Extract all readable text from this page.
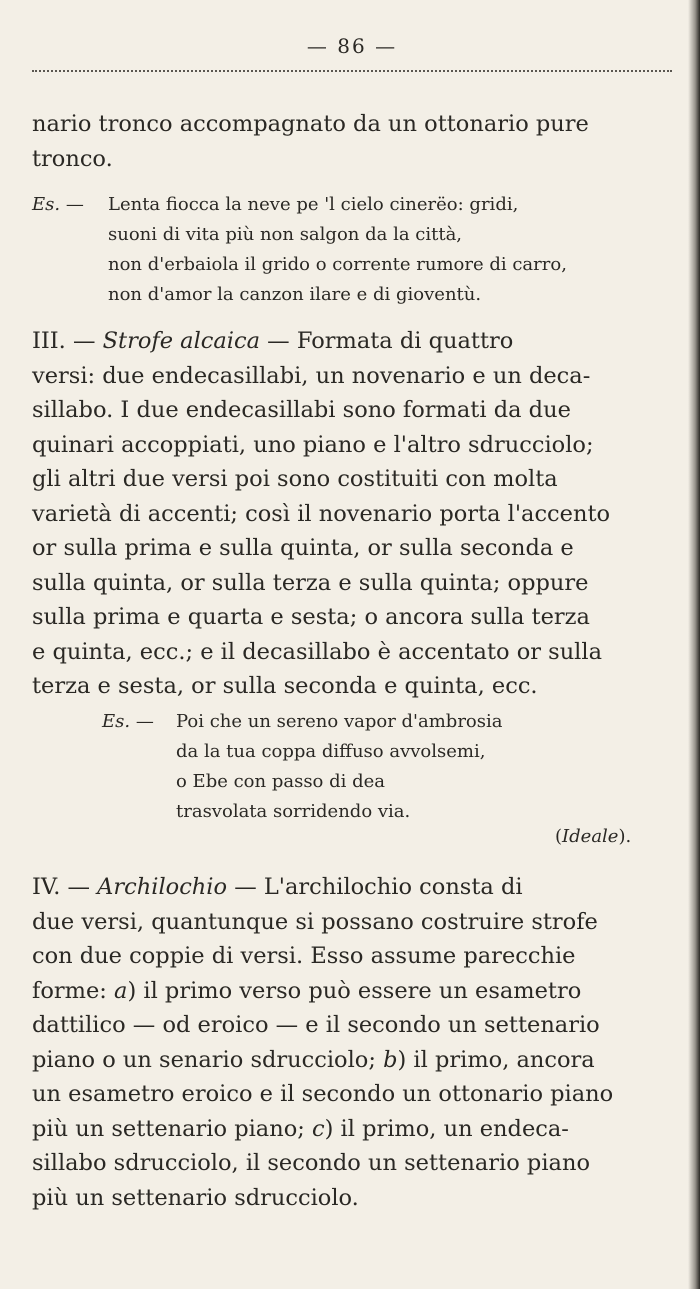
— 86 —
nario tronco accompagnato da un ottonario pure
tronco.
Es. — Lenta fiocca la neve pe 'l cielo cinerëo: gridi,
suoni di vita più non salgon da la città,
non d'erbaiola il grido o corrente rumore di carro,
non d'amor la canzon ilare e di gioventù.
III. — Strofe alcaica — Formata di quattro
versi: due endecasillabi, un novenario e un deca-
sillabo. I due endecasillabi sono formati da due
quinari accoppiati, uno piano e l'altro sdrucciolo;
gli altri due versi poi sono costituiti con molta
varietà di accenti; così il novenario porta l'accento
or sulla prima e sulla quinta, or sulla seconda e
sulla quinta, or sulla terza e sulla quinta; oppure
sulla prima e quarta e sesta; o ancora sulla terza
e quinta, ecc.; e il decasillabo è accentato or sulla
terza e sesta, or sulla seconda e quinta, ecc.
Es. — Poi che un sereno vapor d'ambrosia
da la tua coppa diffuso avvolsemi,
o Ebe con passo di dea
trasvolata sorridendo via.
(Ideale).
IV. — Archilochio — L'archilochio consta di
due versi, quantunque si possano costruire strofe
con due coppie di versi. Esso assume parecchie
forme: a) il primo verso può essere un esametro
dattilico — od eroico — e il secondo un settenario
piano o un senario sdrucciolo; b) il primo, ancora
un esametro eroico e il secondo un ottonario piano
più un settenario piano; c) il primo, un endeca-
sillabo sdrucciolo, il secondo un settenario piano
più un settenario sdrucciolo.
